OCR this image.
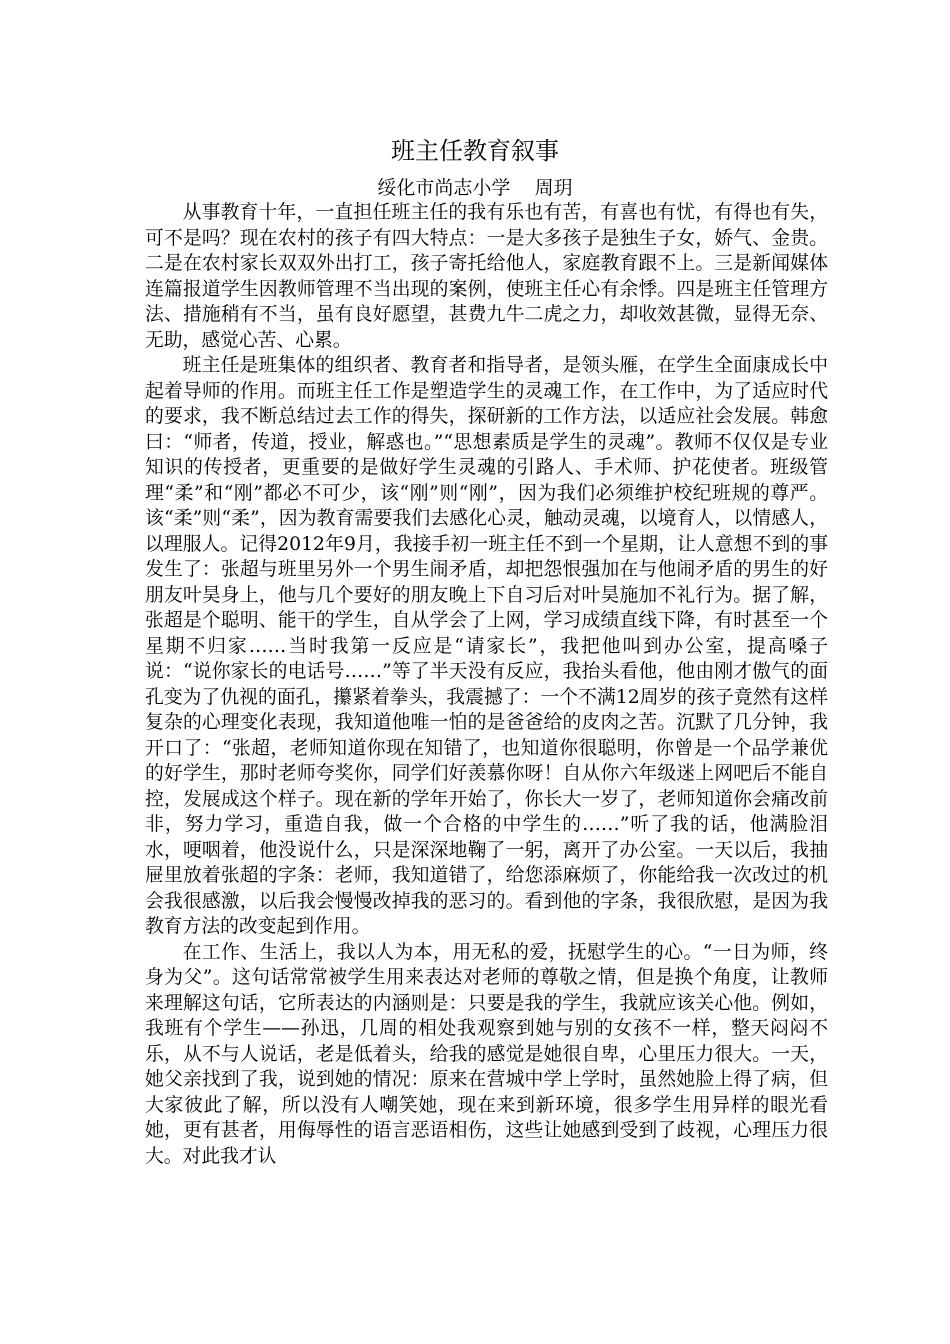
班主任教育叙事
绥化市尚志小学    周玥

从事教育十年，一直担任班主任的我有乐也有苦，有喜也有忧，有得也有失，可不是吗？现在农村的孩子有四大特点：一是大多孩子是独生子女，娇气、金贵。二是在农村家长双双外出打工，孩子寄托给他人，家庭教育跟不上。三是新闻媒体连篇报道学生因教师管理不当出现的案例，使班主任心有余悸。四是班主任管理方法、措施稍有不当，虽有良好愿望，甚费九牛二虎之力，却收效甚微，显得无奈、无助，感觉心苦、心累。

班主任是班集体的组织者、教育者和指导者，是领头雁，在学生全面康成长中起着导师的作用。而班主任工作是塑造学生的灵魂工作，在工作中，为了适应时代的要求，我不断总结过去工作的得失，探研新的工作方法，以适应社会发展。韩愈曰：“师者，传道，授业，解惑也。”“思想素质是学生的灵魂”。教师不仅仅是专业知识的传授者，更重要的是做好学生灵魂的引路人、手术师、护花使者。班级管理“柔”和“刚”都必不可少，该“刚”则“刚”，因为我们必须维护校纪班规的尊严。该“柔”则“柔”，因为教育需要我们去感化心灵，触动灵魂，以境育人，以情感人，以理服人。记得2012年9月，我接手初一班主任不到一个星期，让人意想不到的事发生了：张超与班里另外一个男生闹矛盾，却把怨恨强加在与他闹矛盾的男生的好朋友叶昊身上，他与几个要好的朋友晚上下自习后对叶昊施加不礼行为。据了解，张超是个聪明、能干的学生，自从学会了上网，学习成绩直线下降，有时甚至一个星期不归家……当时我第一反应是“请家长”，我把他叫到办公室，提高嗓子说：“说你家长的电话号……”等了半天没有反应，我抬头看他，他由刚才傲气的面孔变为了仇视的面孔，攥紧着拳头，我震撼了：一个不满12周岁的孩子竟然有这样复杂的心理变化表现，我知道他唯一怕的是爸爸给的皮肉之苦。沉默了几分钟，我开口了：“张超，老师知道你现在知错了，也知道你很聪明，你曾是一个品学兼优的好学生，那时老师夸奖你，同学们好羡慕你呀！自从你六年级迷上网吧后不能自控，发展成这个样子。现在新的学年开始了，你长大一岁了，老师知道你会痛改前非，努力学习，重造自我，做一个合格的中学生的……”听了我的话，他满脸泪水，哽咽着，他没说什么，只是深深地鞠了一躬，离开了办公室。一天以后，我抽屉里放着张超的字条：老师，我知道错了，给您添麻烦了，你能给我一次改过的机会我很感激，以后我会慢慢改掉我的恶习的。看到他的字条，我很欣慰，是因为我教育方法的改变起到作用。

在工作、生活上，我以人为本，用无私的爱，抚慰学生的心。“一日为师，终身为父”。这句话常常被学生用来表达对老师的尊敬之情，但是换个角度，让教师来理解这句话，它所表达的内涵则是：只要是我的学生，我就应该关心他。例如，我班有个学生——孙迅，几周的相处我观察到她与别的女孩不一样，整天闷闷不乐，从不与人说话，老是低着头，给我的感觉是她很自卑，心里压力很大。一天，她父亲找到了我，说到她的情况：原来在营城中学上学时，虽然她脸上得了病，但大家彼此了解，所以没有人嘲笑她，现在来到新环境，很多学生用异样的眼光看她，更有甚者，用侮辱性的语言恶语相伤，这些让她感到受到了歧视，心理压力很大。对此我才认
